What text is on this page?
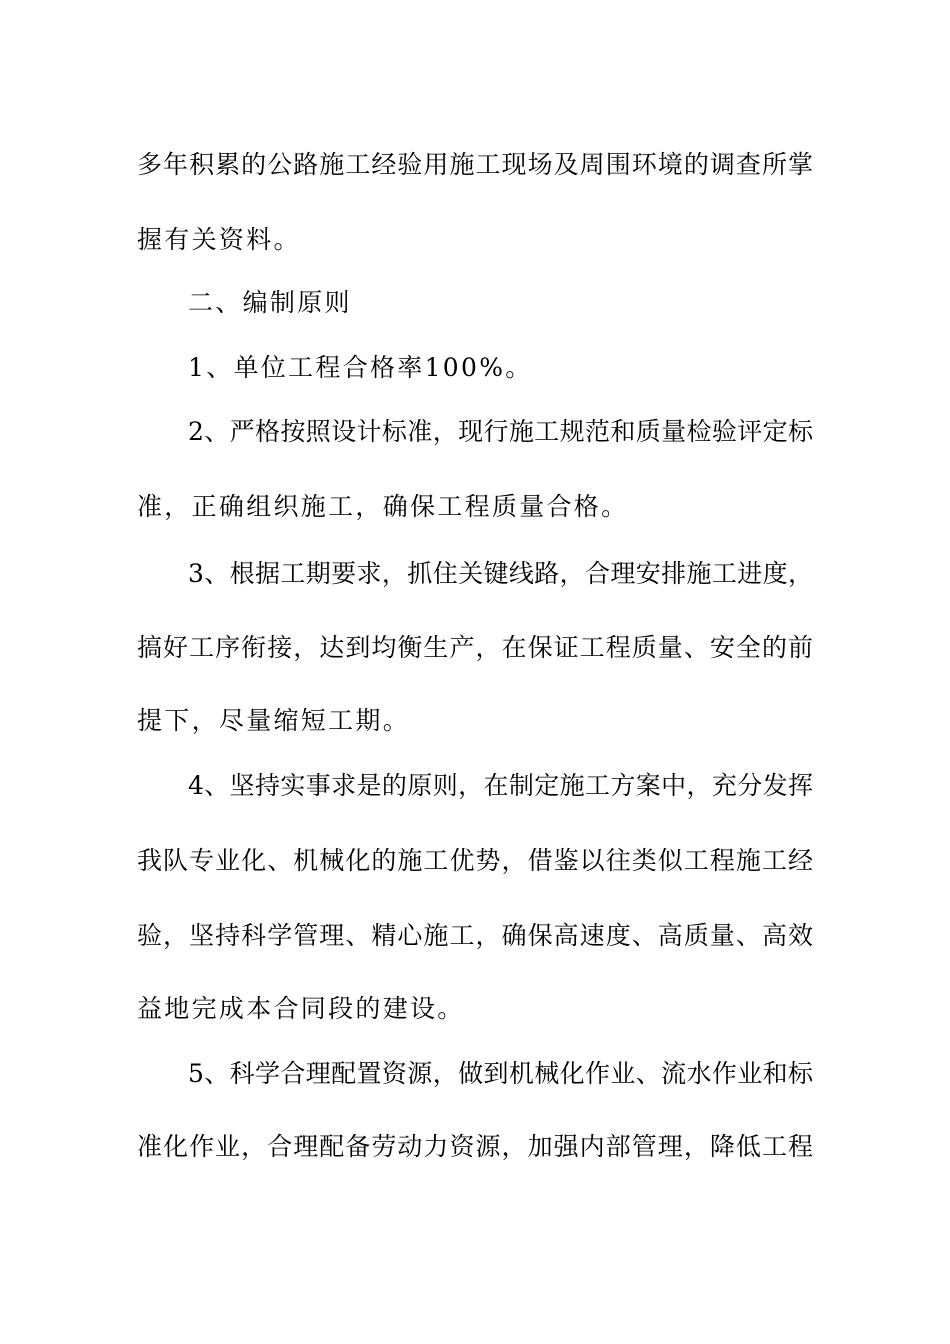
多年积累的公路施工经验用施工现场及周围环境的调查所掌
握有关资料。
二、编制原则
1、单位工程合格率100%。
2、严格按照设计标准，现行施工规范和质量检验评定标
准，正确组织施工，确保工程质量合格。
3、根据工期要求，抓住关键线路，合理安排施工进度，
搞好工序衔接，达到均衡生产，在保证工程质量、安全的前
提下，尽量缩短工期。
4、坚持实事求是的原则，在制定施工方案中，充分发挥
我队专业化、机械化的施工优势，借鉴以往类似工程施工经
验，坚持科学管理、精心施工，确保高速度、高质量、高效
益地完成本合同段的建设。
5、科学合理配置资源，做到机械化作业、流水作业和标
准化作业，合理配备劳动力资源，加强内部管理，降低工程
